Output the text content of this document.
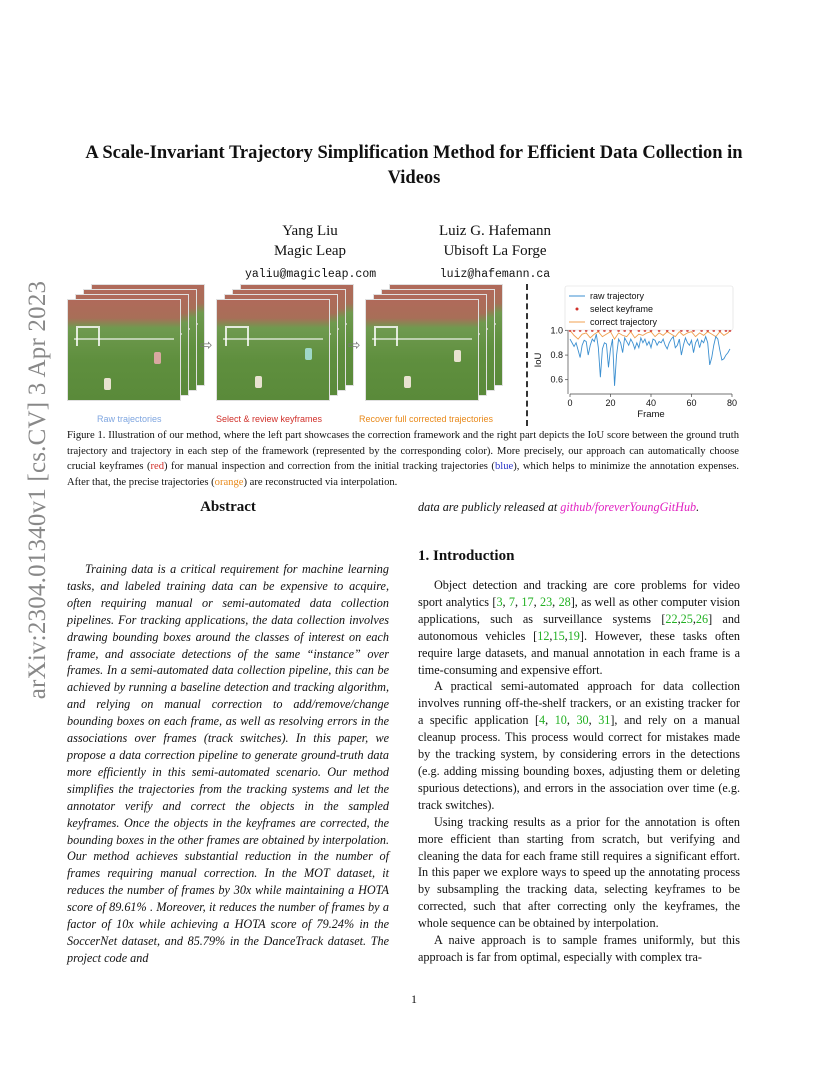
arXiv:2304.01340v1 [cs.CV] 3 Apr 2023
A Scale-Invariant Trajectory Simplification Method for Efficient Data Collection in Videos
Yang Liu
Magic Leap
yaliu@magicleap.com
Luiz G. Hafemann
Ubisoft La Forge
luiz@hafemann.ca
⇨	⇨
Raw trajectories	Select & review keyframes	Recover full corrected trajectories
0	20	40	60	80
0.6
0.8
1.0
Frame
IoU
raw trajectory
select keyframe
correct trajectory
Figure 1. Illustration of our method, where the left part showcases the correction framework and the right part depicts the IoU score between the ground truth trajectory and trajectory in each step of the framework (represented by the corresponding color). More precisely, our approach can automatically choose crucial keyframes (red) for manual inspection and correction from the initial tracking trajectories (blue), which helps to minimize the annotation expenses. After that, the precise trajectories (orange) are reconstructed via interpolation.
Abstract
Training data is a critical requirement for machine learning tasks, and labeled training data can be expensive to acquire, often requiring manual or semi-automated data collection pipelines. For tracking applications, the data collection involves drawing bounding boxes around the classes of interest on each frame, and associate detections of the same “instance” over frames. In a semi-automated data collection pipeline, this can be achieved by running a baseline detection and tracking algorithm, and relying on manual correction to add/remove/change bounding boxes on each frame, as well as resolving errors in the associations over frames (track switches). In this paper, we propose a data correction pipeline to generate ground-truth data more efficiently in this semi-automated scenario. Our method simplifies the trajectories from the tracking systems and let the annotator verify and correct the objects in the sampled keyframes. Once the objects in the keyframes are corrected, the bounding boxes in the other frames are obtained by interpolation. Our method achieves substantial reduction in the number of frames requiring manual correction. In the MOT dataset, it reduces the number of frames by 30x while maintaining a HOTA score of 89.61% . Moreover, it reduces the number of frames by a factor of 10x while achieving a HOTA score of 79.24% in the SoccerNet dataset, and 85.79% in the DanceTrack dataset. The project code and
data are publicly released at github/foreverYoungGitHub.
1. Introduction

Object detection and tracking are core problems for video sport analytics [3, 7, 17, 23, 28], as well as other computer vision applications, such as surveillance systems [22,25,26] and autonomous vehicles [12,15,19]. However, these tasks often require large datasets, and manual annotation in each frame is a time-consuming and expensive effort.

A practical semi-automated approach for data collection involves running off-the-shelf trackers, or an existing tracker for a specific application [4, 10, 30, 31], and rely on a manual cleanup process. This process would correct for mistakes made by the tracking system, by considering errors in the detections (e.g. adding missing bounding boxes, adjusting them or deleting spurious detections), and errors in the association over time (e.g. track switches).

Using tracking results as a prior for the annotation is often more efficient than starting from scratch, but verifying and cleaning the data for each frame still requires a significant effort. In this paper we explore ways to speed up the annotating process by subsampling the tracking data, selecting keyframes to be corrected, such that after correcting only the keyframes, the whole sequence can be obtained by interpolation.

A naive approach is to sample frames uniformly, but this approach is far from optimal, especially with complex tra-

1
